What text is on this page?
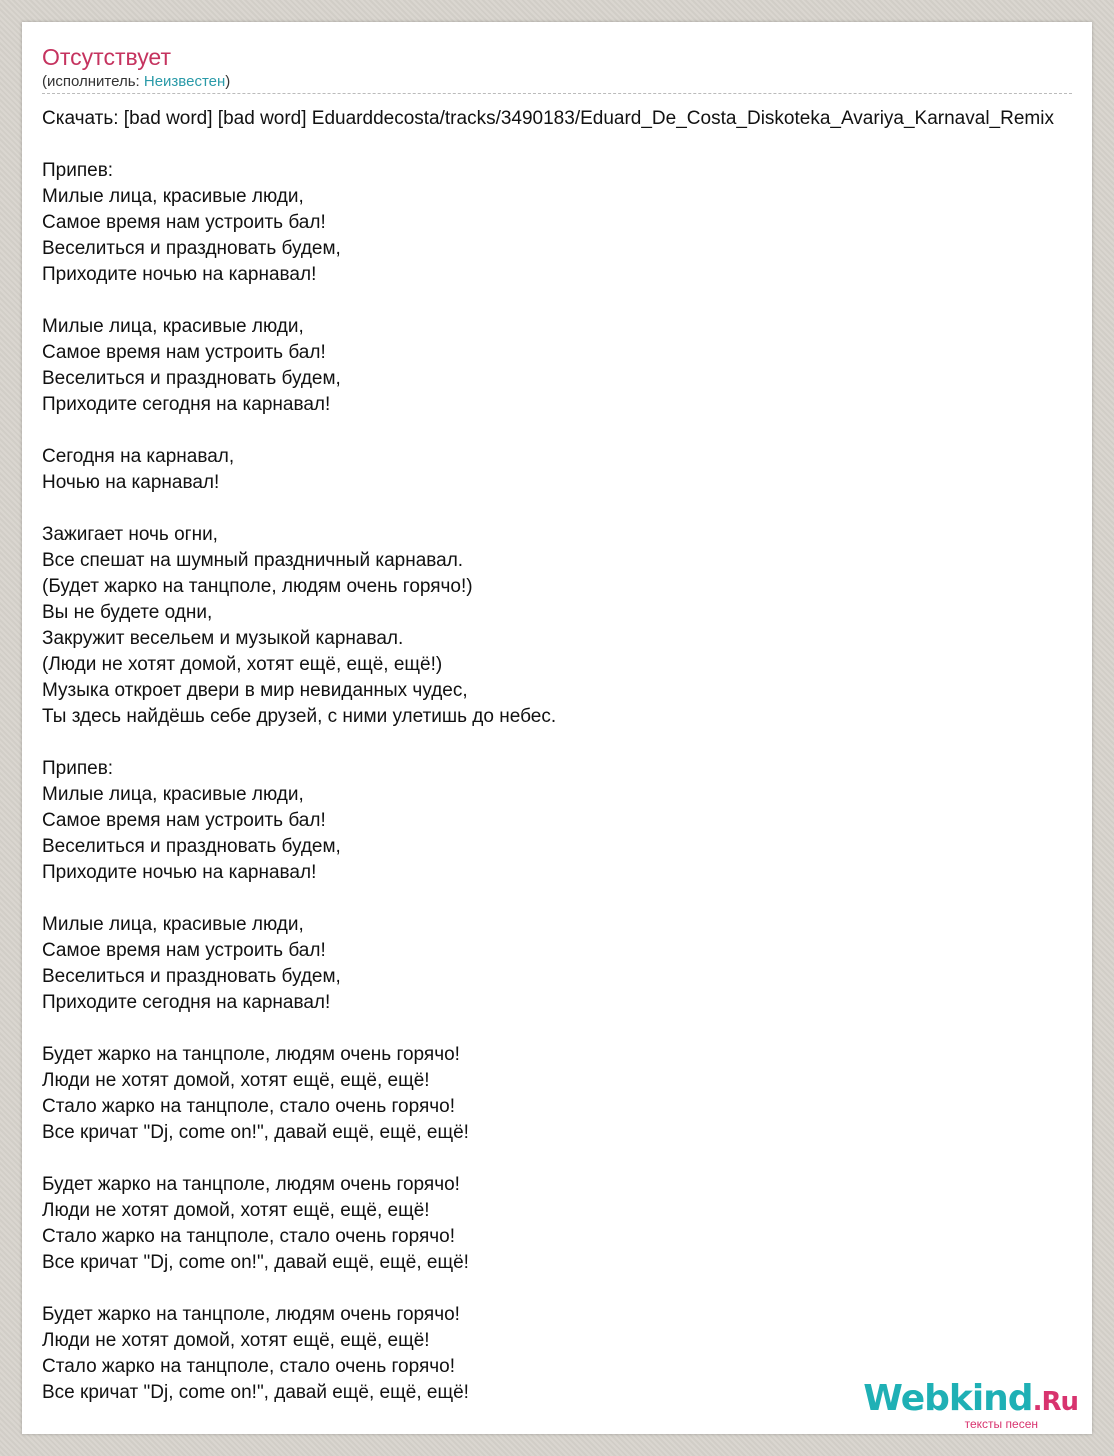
Отсутствует
(исполнитель: Неизвестен)
Скачать: [bad word] [bad word] Eduarddecosta/tracks/3490183/Eduard_De_Costa_Diskoteka_Avariya_Karnaval_Remix
Припев:
Милые лица, красивые люди,
Самое время нам устроить бал!
Веселиться и праздновать будем,
Приходите ночью на карнавал!
Милые лица, красивые люди,
Самое время нам устроить бал!
Веселиться и праздновать будем,
Приходите сегодня на карнавал!
Сегодня на карнавал,
Ночью на карнавал!
Зажигает ночь огни,
Все спешат на шумный праздничный карнавал.
(Будет жарко на танцполе, людям очень горячо!)
Вы не будете одни,
Закружит весельем и музыкой карнавал.
(Люди не хотят домой, хотят ещё, ещё, ещё!)
Музыка откроет двери в мир невиданных чудес,
Ты здесь найдёшь себе друзей, с ними улетишь до небес.
Припев:
Милые лица, красивые люди,
Самое время нам устроить бал!
Веселиться и праздновать будем,
Приходите ночью на карнавал!
Милые лица, красивые люди,
Самое время нам устроить бал!
Веселиться и праздновать будем,
Приходите сегодня на карнавал!
Будет жарко на танцполе, людям очень горячо!
Люди не хотят домой, хотят ещё, ещё, ещё!
Стало жарко на танцполе, стало очень горячо!
Все кричат "Dj, come on!", давай ещё, ещё, ещё!
Будет жарко на танцполе, людям очень горячо!
Люди не хотят домой, хотят ещё, ещё, ещё!
Стало жарко на танцполе, стало очень горячо!
Все кричат "Dj, come on!", давай ещё, ещё, ещё!
Будет жарко на танцполе, людям очень горячо!
Люди не хотят домой, хотят ещё, ещё, ещё!
Стало жарко на танцполе, стало очень горячо!
Все кричат "Dj, come on!", давай ещё, ещё, ещё!	Webkind.Ru
тексты песен
